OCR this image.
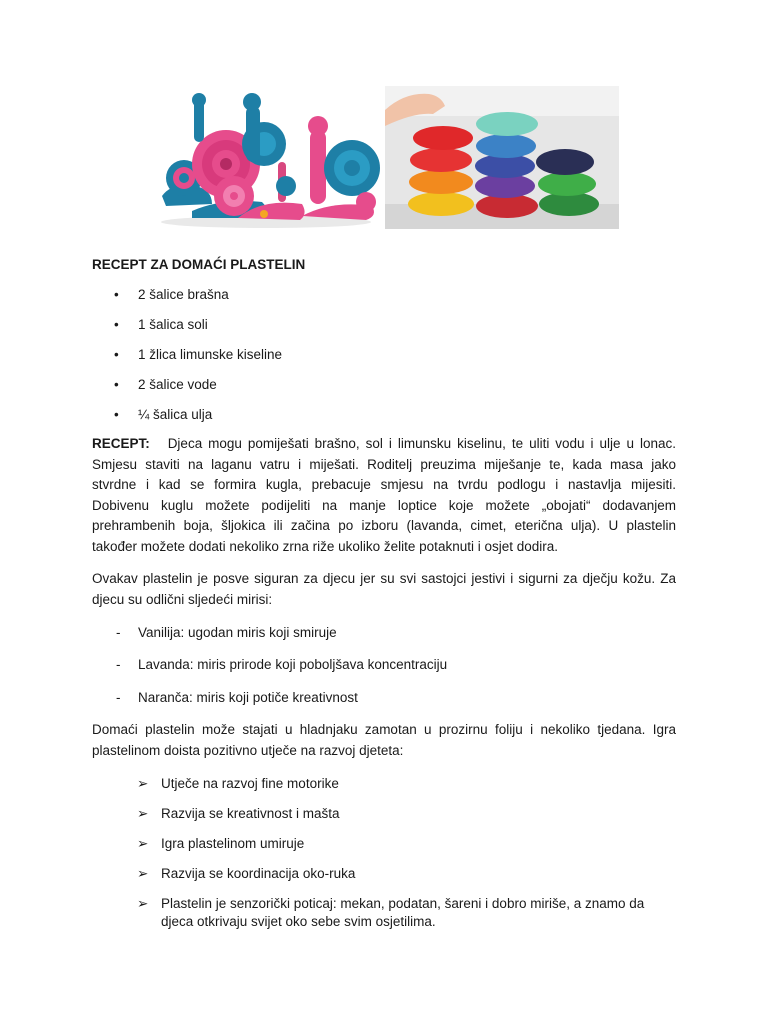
RECEPT ZA DOMAĆI PLASTELIN
• 2 šalice brašna
• 1 šalica soli
• 1 žlica limunske kiseline
• 2 šalice vode
• ¼ šalica ulja
RECEPT: Djeca mogu pomiješati brašno, sol i limunsku kiselinu, te uliti vodu i ulje u lonac.
Smjesu staviti na laganu vatru i miješati. Roditelj preuzima miješanje te, kada masa jako
stvrdne i kad se formira kugla, prebacuje smjesu na tvrdu podlogu i nastavlja mijesiti.
Dobivenu kuglu možete podijeliti na manje loptice koje možete „obojati“ dodavanjem
prehrambenih boja, šljokica ili začina po izboru (lavanda, cimet, eterična ulja). U plastelin
također možete dodati nekoliko zrna riže ukoliko želite potaknuti i osjet dodira.
Ovakav plastelin je posve siguran za djecu jer su svi sastojci jestivi i sigurni za dječju kožu. Za
djecu su odlični sljedeći mirisi:
- Vanilija: ugodan miris koji smiruje
- Lavanda: miris prirode koji poboljšava koncentraciju
- Naranča: miris koji potiče kreativnost
Domaći plastelin može stajati u hladnjaku zamotan u prozirnu foliju i nekoliko tjedana. Igra
plastelinom doista pozitivno utječe na razvoj djeteta:
➢ Utječe na razvoj fine motorike
➢ Razvija se kreativnost i mašta
➢ Igra plastelinom umiruje
➢ Razvija se koordinacija oko-ruka
➢ Plastelin je senzorički poticaj: mekan, podatan, šareni i dobro miriše, a znamo da
djeca otkrivaju svijet oko sebe svim osjetilima.
